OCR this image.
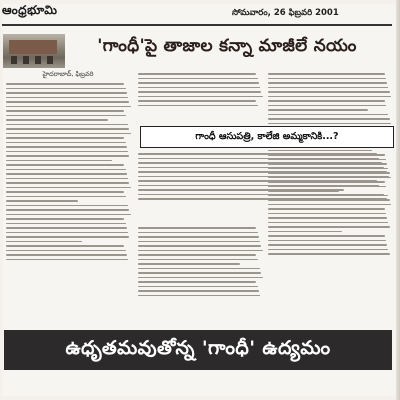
ఆంధ్రభూమి	సోమవారం, 26 ఫిబ్రవరి 2001
'గాంధీ'పై తాజాల కన్నా మాజీలే నయం
హైదరాబాద్, ఫిబ్రవరి
గాంధీ ఆసుపత్రి, కాలేజి అమ్మకానికి...?
ఉధృతమవుతోన్న 'గాంధీ' ఉద్యమం
